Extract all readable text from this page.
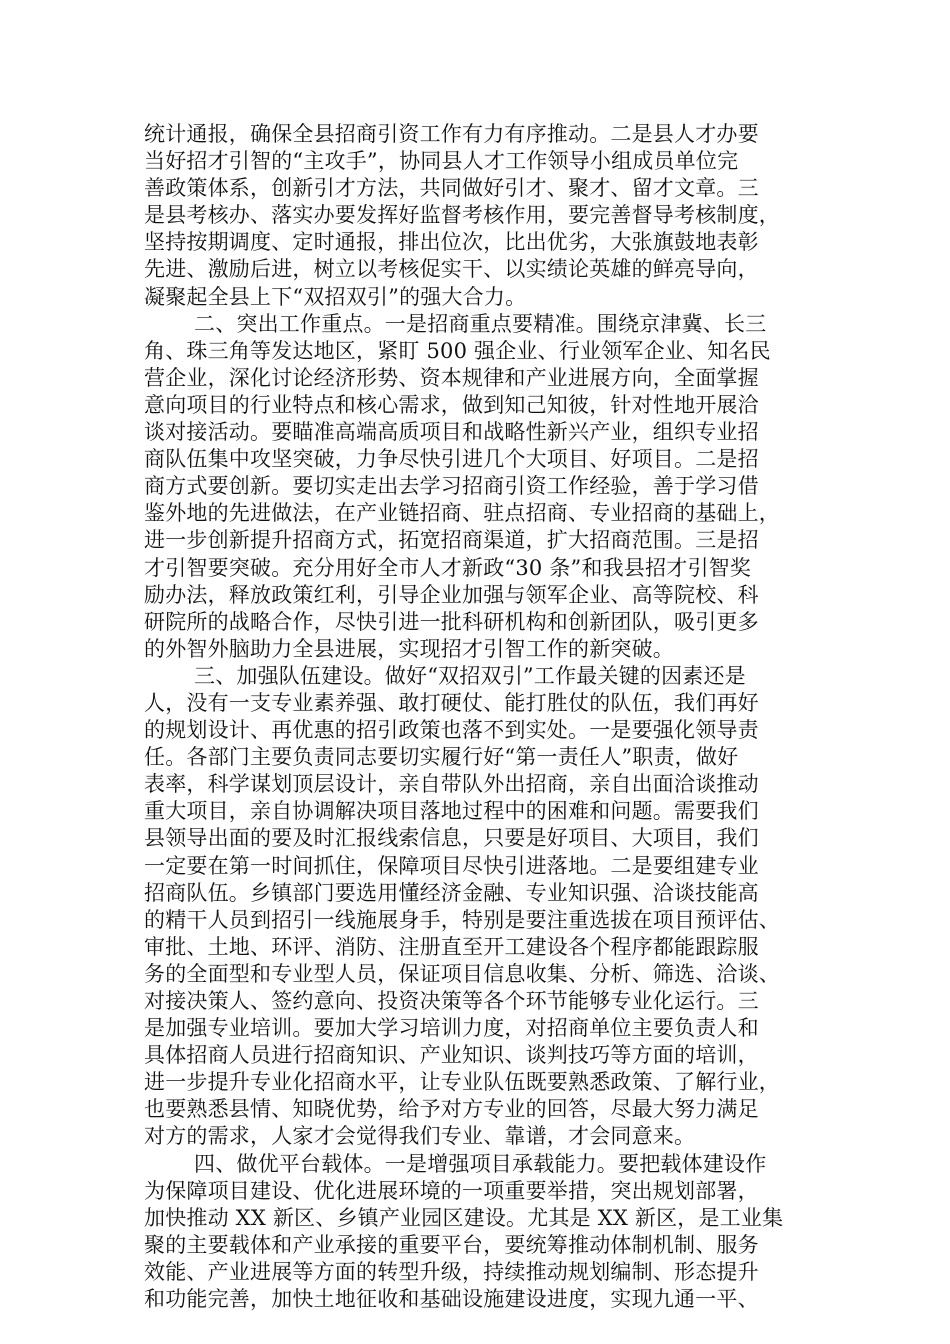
统计通报，确保全县招商引资工作有力有序推动。二是县人才办要
当好招才引智的“主攻手”，协同县人才工作领导小组成员单位完
善政策体系，创新引才方法，共同做好引才、聚才、留才文章。三
是县考核办、落实办要发挥好监督考核作用，要完善督导考核制度，
坚持按期调度、定时通报，排出位次，比出优劣，大张旗鼓地表彰
先进、激励后进，树立以考核促实干、以实绩论英雄的鲜亮导向，
凝聚起全县上下“双招双引”的强大合力。
二、突出工作重点。一是招商重点要精准。围绕京津冀、长三
角、珠三角等发达地区，紧盯 500 强企业、行业领军企业、知名民
营企业，深化讨论经济形势、资本规律和产业进展方向，全面掌握
意向项目的行业特点和核心需求，做到知己知彼，针对性地开展洽
谈对接活动。要瞄准高端高质项目和战略性新兴产业，组织专业招
商队伍集中攻坚突破，力争尽快引进几个大项目、好项目。二是招
商方式要创新。要切实走出去学习招商引资工作经验，善于学习借
鉴外地的先进做法，在产业链招商、驻点招商、专业招商的基础上，
进一步创新提升招商方式，拓宽招商渠道，扩大招商范围。三是招
才引智要突破。充分用好全市人才新政“30 条”和我县招才引智奖
励办法，释放政策红利，引导企业加强与领军企业、高等院校、科
研院所的战略合作，尽快引进一批科研机构和创新团队，吸引更多
的外智外脑助力全县进展，实现招才引智工作的新突破。
三、加强队伍建设。做好“双招双引”工作最关键的因素还是
人，没有一支专业素养强、敢打硬仗、能打胜仗的队伍，我们再好
的规划设计、再优惠的招引政策也落不到实处。一是要强化领导责
任。各部门主要负责同志要切实履行好“第一责任人”职责，做好
表率，科学谋划顶层设计，亲自带队外出招商，亲自出面洽谈推动
重大项目，亲自协调解决项目落地过程中的困难和问题。需要我们
县领导出面的要及时汇报线索信息，只要是好项目、大项目，我们
一定要在第一时间抓住，保障项目尽快引进落地。二是要组建专业
招商队伍。乡镇部门要选用懂经济金融、专业知识强、洽谈技能高
的精干人员到招引一线施展身手，特别是要注重选拔在项目预评估、
审批、土地、环评、消防、注册直至开工建设各个程序都能跟踪服
务的全面型和专业型人员，保证项目信息收集、分析、筛选、洽谈、
对接决策人、签约意向、投资决策等各个环节能够专业化运行。三
是加强专业培训。要加大学习培训力度，对招商单位主要负责人和
具体招商人员进行招商知识、产业知识、谈判技巧等方面的培训，
进一步提升专业化招商水平，让专业队伍既要熟悉政策、了解行业，
也要熟悉县情、知晓优势，给予对方专业的回答，尽最大努力满足
对方的需求，人家才会觉得我们专业、靠谱，才会同意来。
四、做优平台载体。一是增强项目承载能力。要把载体建设作
为保障项目建设、优化进展环境的一项重要举措，突出规划部署，
加快推动 XX 新区、乡镇产业园区建设。尤其是 XX 新区，是工业集
聚的主要载体和产业承接的重要平台，要统筹推动体制机制、服务
效能、产业进展等方面的转型升级，持续推动规划编制、形态提升
和功能完善，加快土地征收和基础设施建设进度，实现九通一平、
